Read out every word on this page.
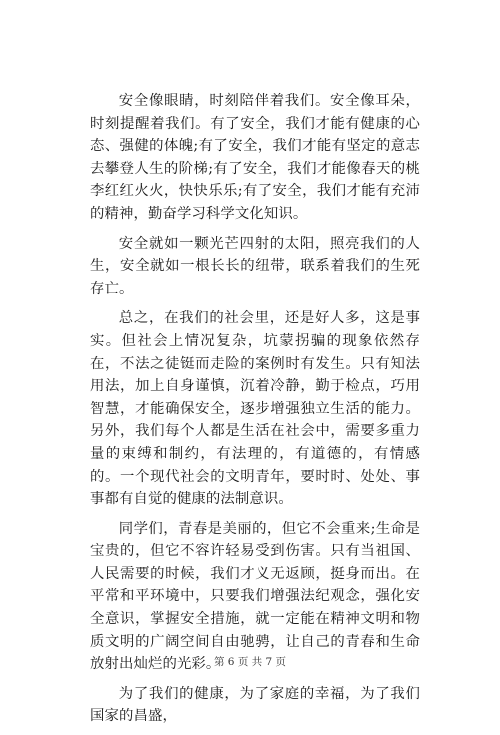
安全像眼睛，时刻陪伴着我们。安全像耳朵，时刻提醒着我们。有了安全，我们才能有健康的心态、强健的体魄;有了安全，我们才能有坚定的意志去攀登人生的阶梯;有了安全，我们才能像春天的桃李红红火火，快快乐乐;有了安全，我们才能有充沛的精神，勤奋学习科学文化知识。

安全就如一颗光芒四射的太阳，照亮我们的人生，安全就如一根长长的纽带，联系着我们的生死存亡。

总之，在我们的社会里，还是好人多，这是事实。但社会上情况复杂，坑蒙拐骗的现象依然存在，不法之徒铤而走险的案例时有发生。只有知法用法，加上自身谨慎，沉着冷静，勤于检点，巧用智慧，才能确保安全，逐步增强独立生活的能力。另外，我们每个人都是生活在社会中，需要多重力量的束缚和制约，有法理的，有道德的，有情感的。一个现代社会的文明青年，要时时、处处、事事都有自觉的健康的法制意识。

同学们，青春是美丽的，但它不会重来;生命是宝贵的，但它不容许轻易受到伤害。只有当祖国、人民需要的时候，我们才义无返顾，挺身而出。在平常和平环境中，只要我们增强法纪观念，强化安全意识，掌握安全措施，就一定能在精神文明和物质文明的广阔空间自由驰骋，让自己的青春和生命放射出灿烂的光彩。

为了我们的健康，为了家庭的幸福，为了我们国家的昌盛，

第 6 页 共 7 页
